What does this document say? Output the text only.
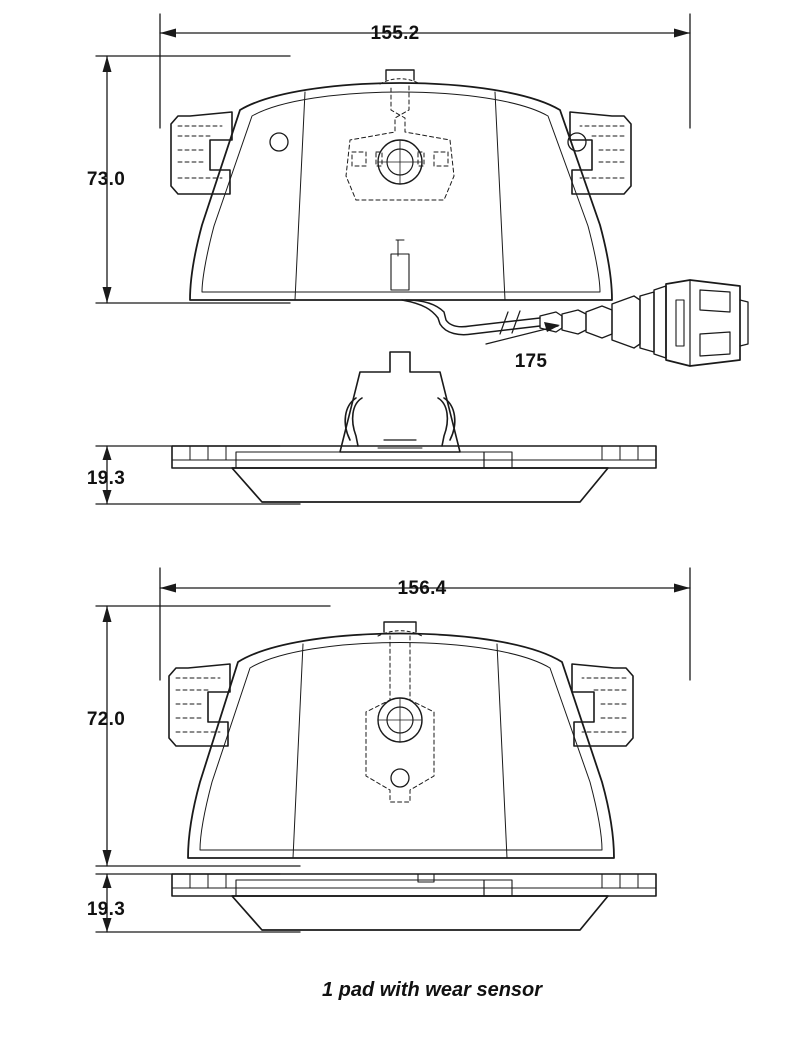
155.2
73.0
175
19.3
156.4
72.0
19.3
1 pad with wear sensor
